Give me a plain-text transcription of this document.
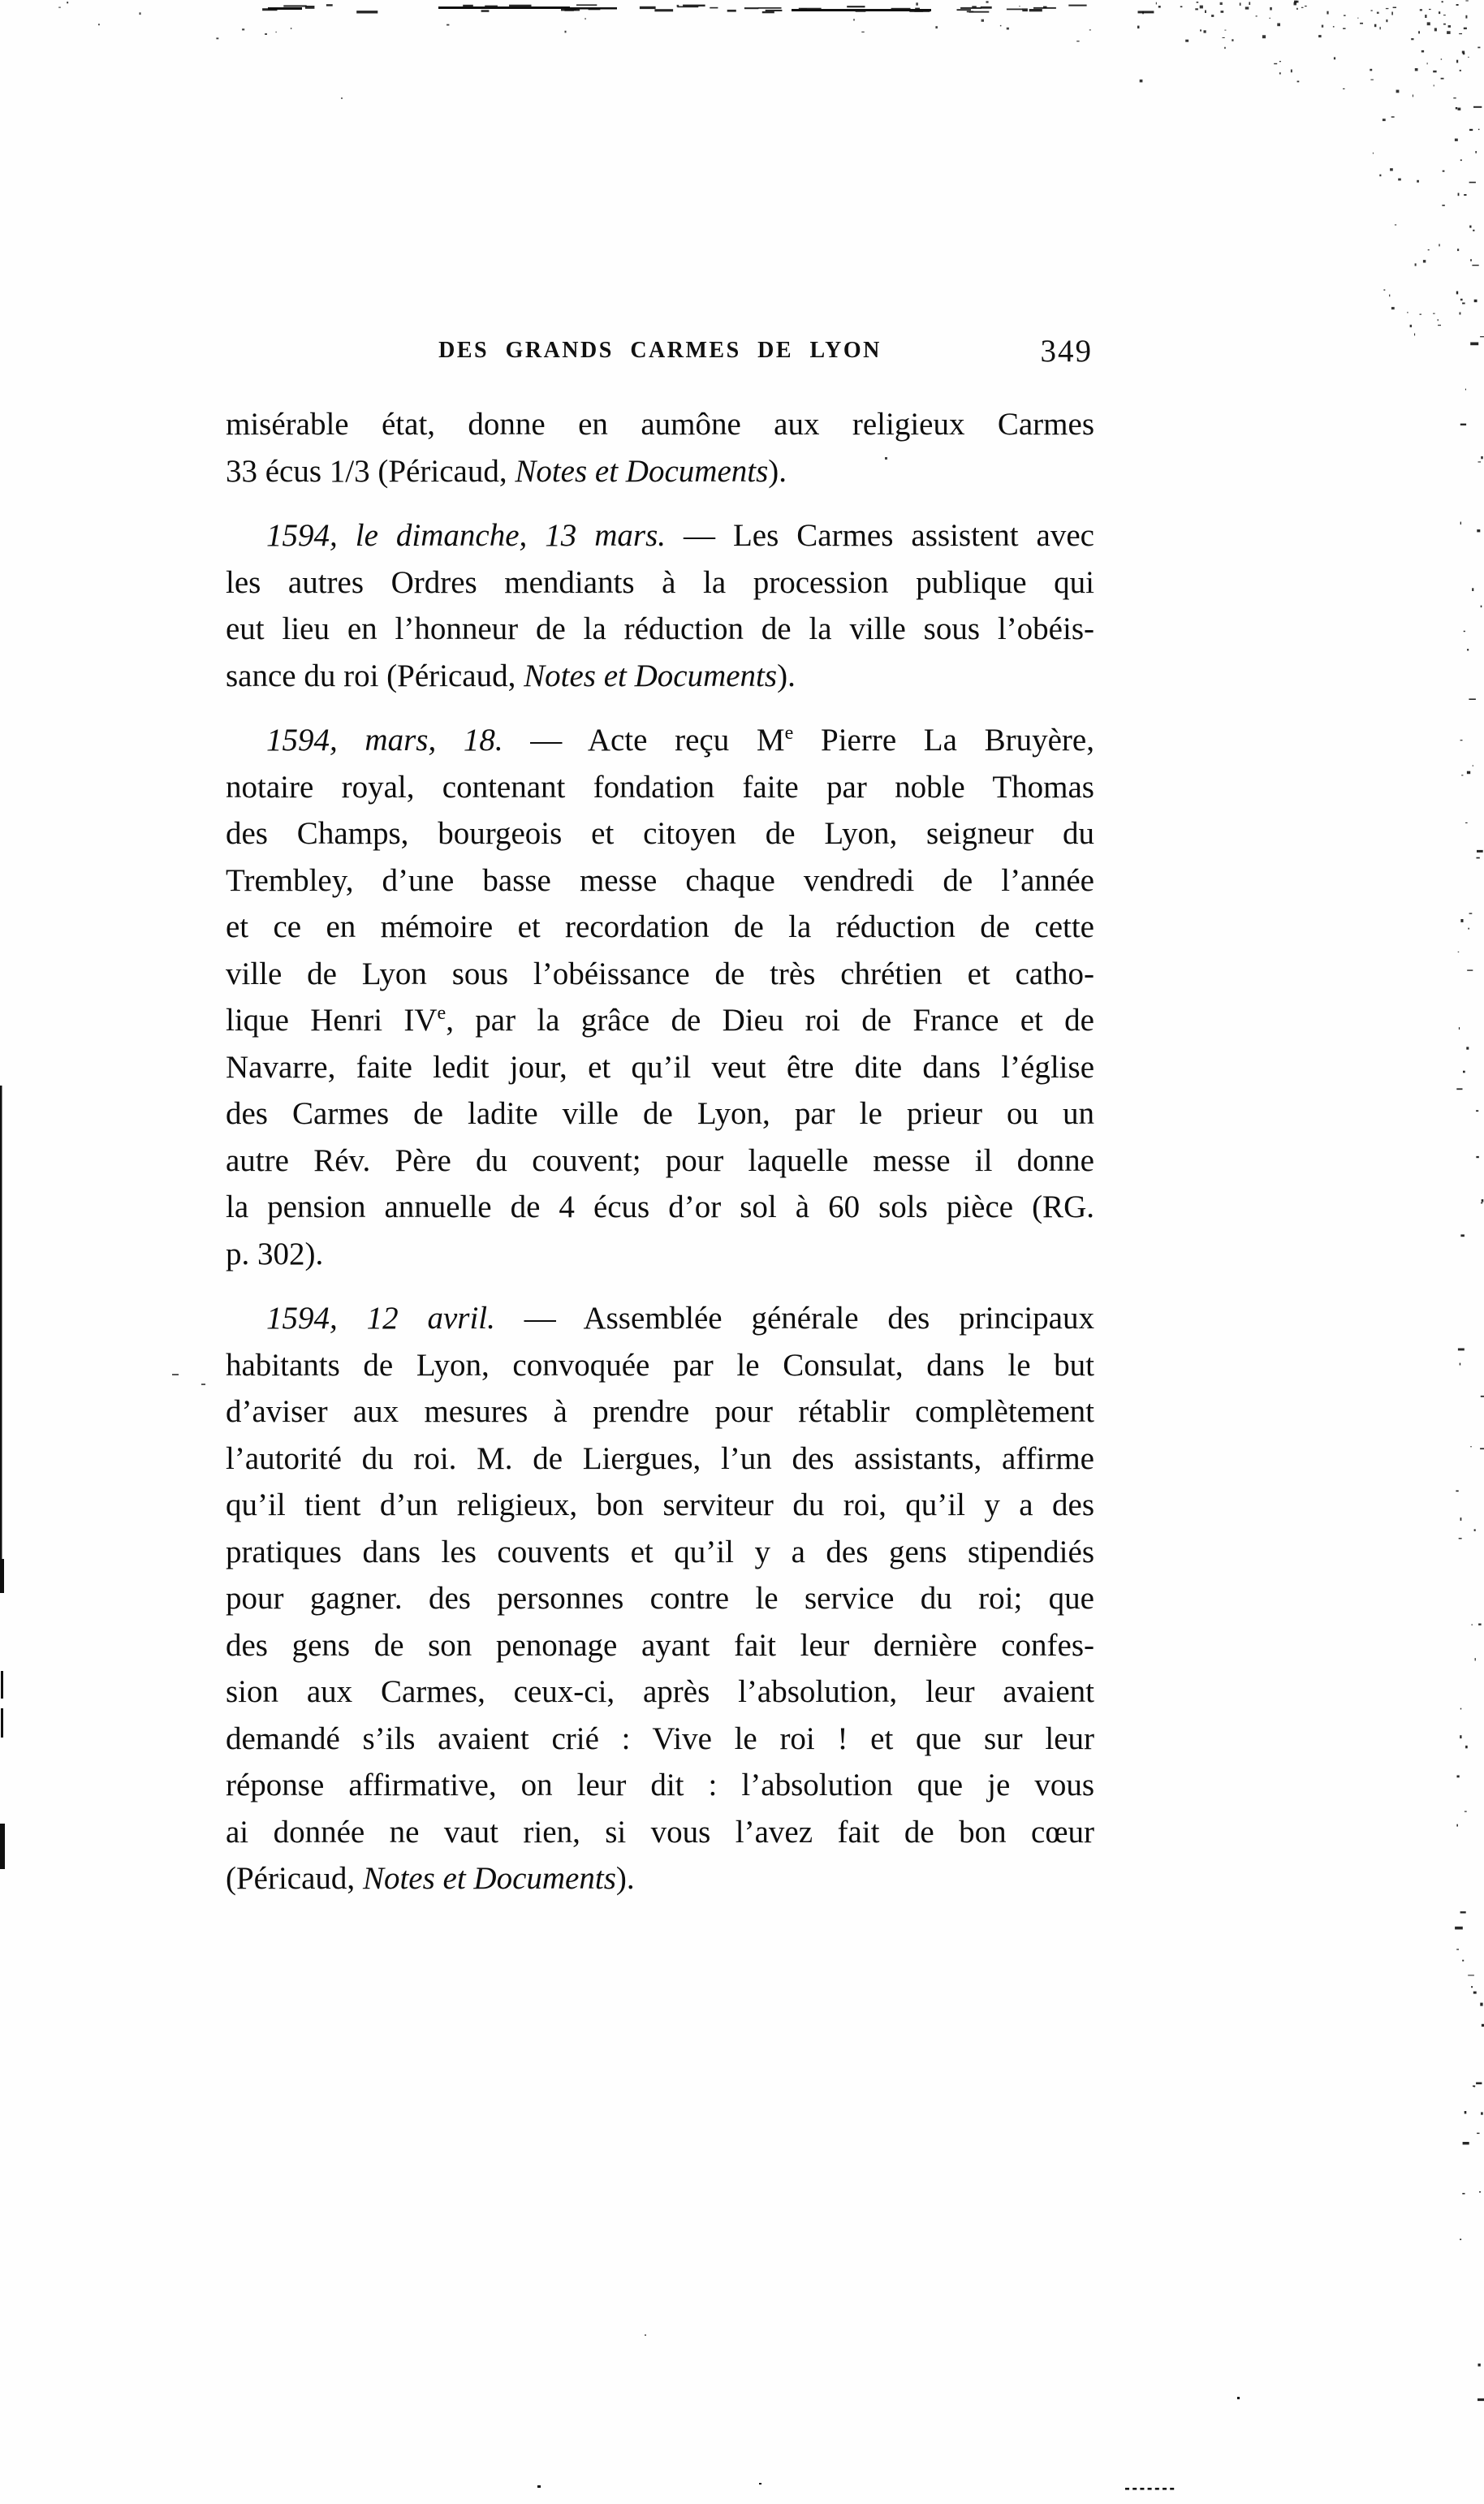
DES GRANDS CARMES DE LYON	349
misérable état, donne en aumône aux religieux Carmes
33 écus 1/3 (Péricaud, Notes et Documents).
1594, le dimanche, 13 mars. — Les Carmes assistent avec
les autres Ordres mendiants à la procession publique qui
eut lieu en l’honneur de la réduction de la ville sous l’obéis-
sance du roi (Péricaud, Notes et Documents).
1594, mars, 18. — Acte reçu Me Pierre La Bruyère,
notaire royal, contenant fondation faite par noble Thomas
des Champs, bourgeois et citoyen de Lyon, seigneur du
Trembley, d’une basse messe chaque vendredi de l’année
et ce en mémoire et recordation de la réduction de cette
ville de Lyon sous l’obéissance de très chrétien et catho-
lique Henri IVe, par la grâce de Dieu roi de France et de
Navarre, faite ledit jour, et qu’il veut être dite dans l’église
des Carmes de ladite ville de Lyon, par le prieur ou un
autre Rév. Père du couvent; pour laquelle messe il donne
la pension annuelle de 4 écus d’or sol à 60 sols pièce (RG.
p. 302).
1594, 12 avril. — Assemblée générale des principaux
habitants de Lyon, convoquée par le Consulat, dans le but
d’aviser aux mesures à prendre pour rétablir complètement
l’autorité du roi. M. de Liergues, l’un des assistants, affirme
qu’il tient d’un religieux, bon serviteur du roi, qu’il y a des
pratiques dans les couvents et qu’il y a des gens stipendiés
pour gagner. des personnes contre le service du roi; que
des gens de son penonage ayant fait leur dernière confes-
sion aux Carmes, ceux-ci, après l’absolution, leur avaient
demandé s’ils avaient crié : Vive le roi ! et que sur leur
réponse affirmative, on leur dit : l’absolution que je vous
ai donnée ne vaut rien, si vous l’avez fait de bon cœur
(Péricaud, Notes et Documents).
